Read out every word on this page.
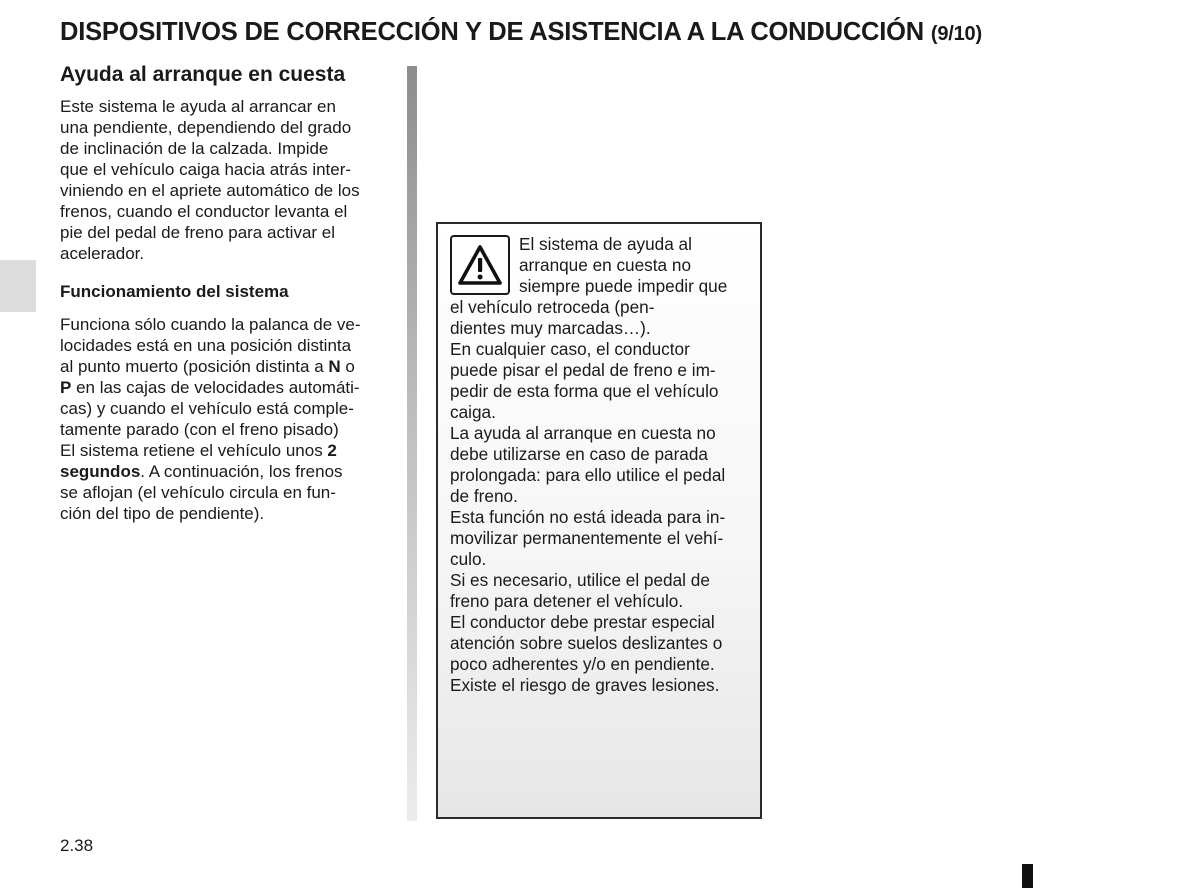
DISPOSITIVOS DE CORRECCIÓN Y DE ASISTENCIA A LA CONDUCCIÓN (9/10)
Ayuda al arranque en cuesta

Este sistema le ayuda al arrancar en
una pendiente, dependiendo del grado
de inclinación de la calzada. Impide
que el vehículo caiga hacia atrás inter-
viniendo en el apriete automático de los
frenos, cuando el conductor levanta el
pie del pedal de freno para activar el
acelerador.

Funcionamiento del sistema

Funciona sólo cuando la palanca de ve-
locidades está en una posición distinta
al punto muerto (posición distinta a N o
P en las cajas de velocidades automáti-
cas) y cuando el vehículo está comple-
tamente parado (con el freno pisado)
El sistema retiene el vehículo unos 2
segundos. A continuación, los frenos
se aflojan (el vehículo circula en fun-
ción del tipo de pendiente).

El sistema de ayuda al
arranque en cuesta no
siempre puede impedir que
el vehículo retroceda (pen-
dientes muy marcadas…).
En cualquier caso, el conductor
puede pisar el pedal de freno e im-
pedir de esta forma que el vehículo
caiga.
La ayuda al arranque en cuesta no
debe utilizarse en caso de parada
prolongada: para ello utilice el pedal
de freno.
Esta función no está ideada para in-
movilizar permanentemente el vehí-
culo.
Si es necesario, utilice el pedal de
freno para detener el vehículo.
El conductor debe prestar especial
atención sobre suelos deslizantes o
poco adherentes y/o en pendiente.
Existe el riesgo de graves lesiones.

2.38
